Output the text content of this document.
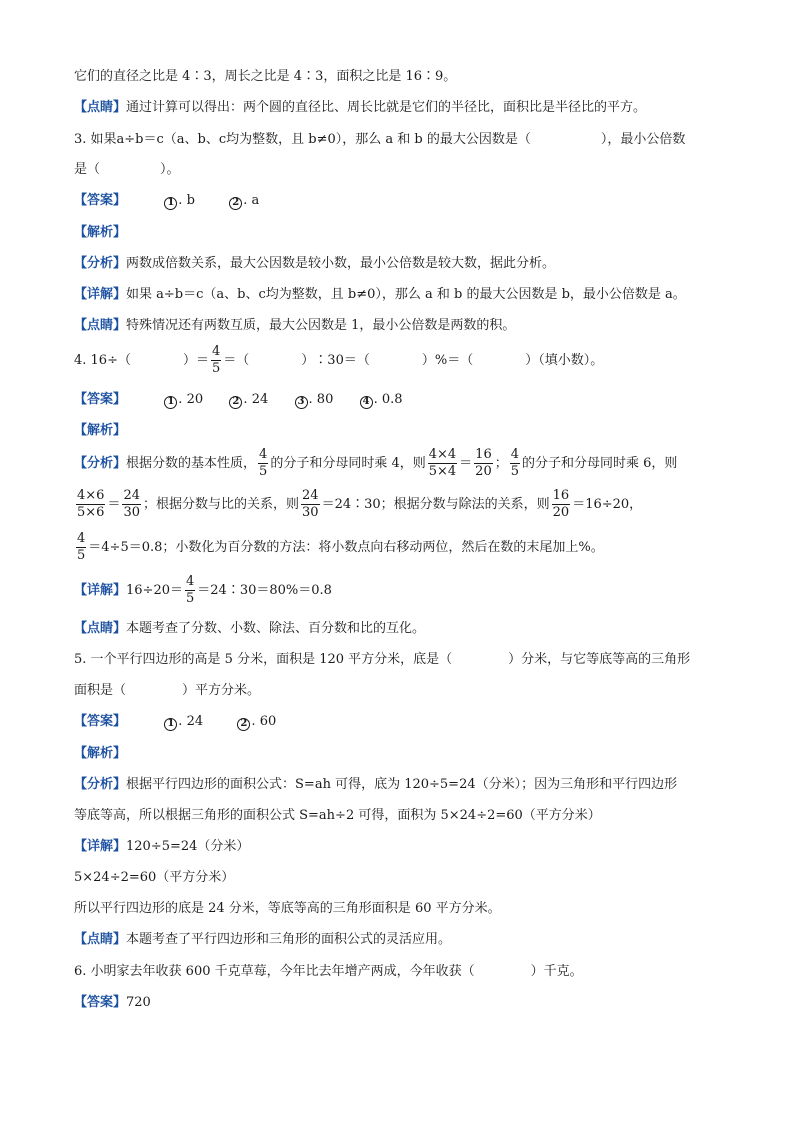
它们的直径之比是 4∶3，周长之比是 4∶3，面积之比是 16∶9。
【点睛】通过计算可以得出：两个圆的直径比、周长比就是它们的半径比，面积比是半径比的平方。
3. 如果a÷b＝c（a、b、c均为整数，且 b≠0），那么 a 和 b 的最大公因数是（	），最小公倍数
是（	）。
【答案】	1 . b	2 . a
【解析】
【分析】两数成倍数关系，最大公因数是较小数，最小公倍数是较大数，据此分析。
【详解】如果 a÷b＝c（a、b、c均为整数，且 b≠0），那么 a 和 b 的最大公因数是 b，最小公倍数是 a。
【点睛】特殊情况还有两数互质，最大公因数是 1，最小公倍数是两数的积。
4. 16÷（	）＝ $\frac{4}{5}$ ＝（	）∶30＝（	）%＝（	）（填小数）。
【答案】	1 . 20	2 . 24	3 . 80	4 . 0.8
【解析】
【分析】根据分数的基本性质， $\frac{4}{5}$ 的分子和分母同时乘 4，则 $\frac{4\times 4}{5\times 4} = \frac{16}{20}$ ； $\frac{4}{5}$ 的分子和分母同时乘 6，则
$\frac{4\times 6}{5\times 6} = \frac{24}{30}$ ；根据分数与比的关系，则 $\frac{24}{30}$ ＝24∶30；根据分数与除法的关系，则 $\frac{16}{20} =16\div 20$，
$\frac{4}{5} =4\div 5=0.8$；小数化为百分数的方法：将小数点向右移动两位，然后在数的末尾加上%。
【详解】$16\div 20= \frac{4}{5}$ ＝24∶30＝80%＝0.8
【点睛】本题考查了分数、小数、除法、百分数和比的互化。
5. 一个平行四边形的高是 5 分米，面积是 120 平方分米，底是（	）分米，与它等底等高的三角形
面积是（	）平方分米。
【答案】	1 . 24	2 . 60
【解析】
【分析】根据平行四边形的面积公式：S=ah 可得，底为 120÷5=24（分米）；因为三角形和平行四边形
等底等高，所以根据三角形的面积公式 S=ah÷2 可得，面积为 5×24÷2=60（平方分米）
【详解】120÷5=24（分米）
5×24÷2=60（平方分米）
所以平行四边形的底是 24 分米，等底等高的三角形面积是 60 平方分米。
【点睛】本题考查了平行四边形和三角形的面积公式的灵活应用。
6. 小明家去年收获 600 千克草莓，今年比去年增产两成，今年收获（	）千克。
【答案】720
